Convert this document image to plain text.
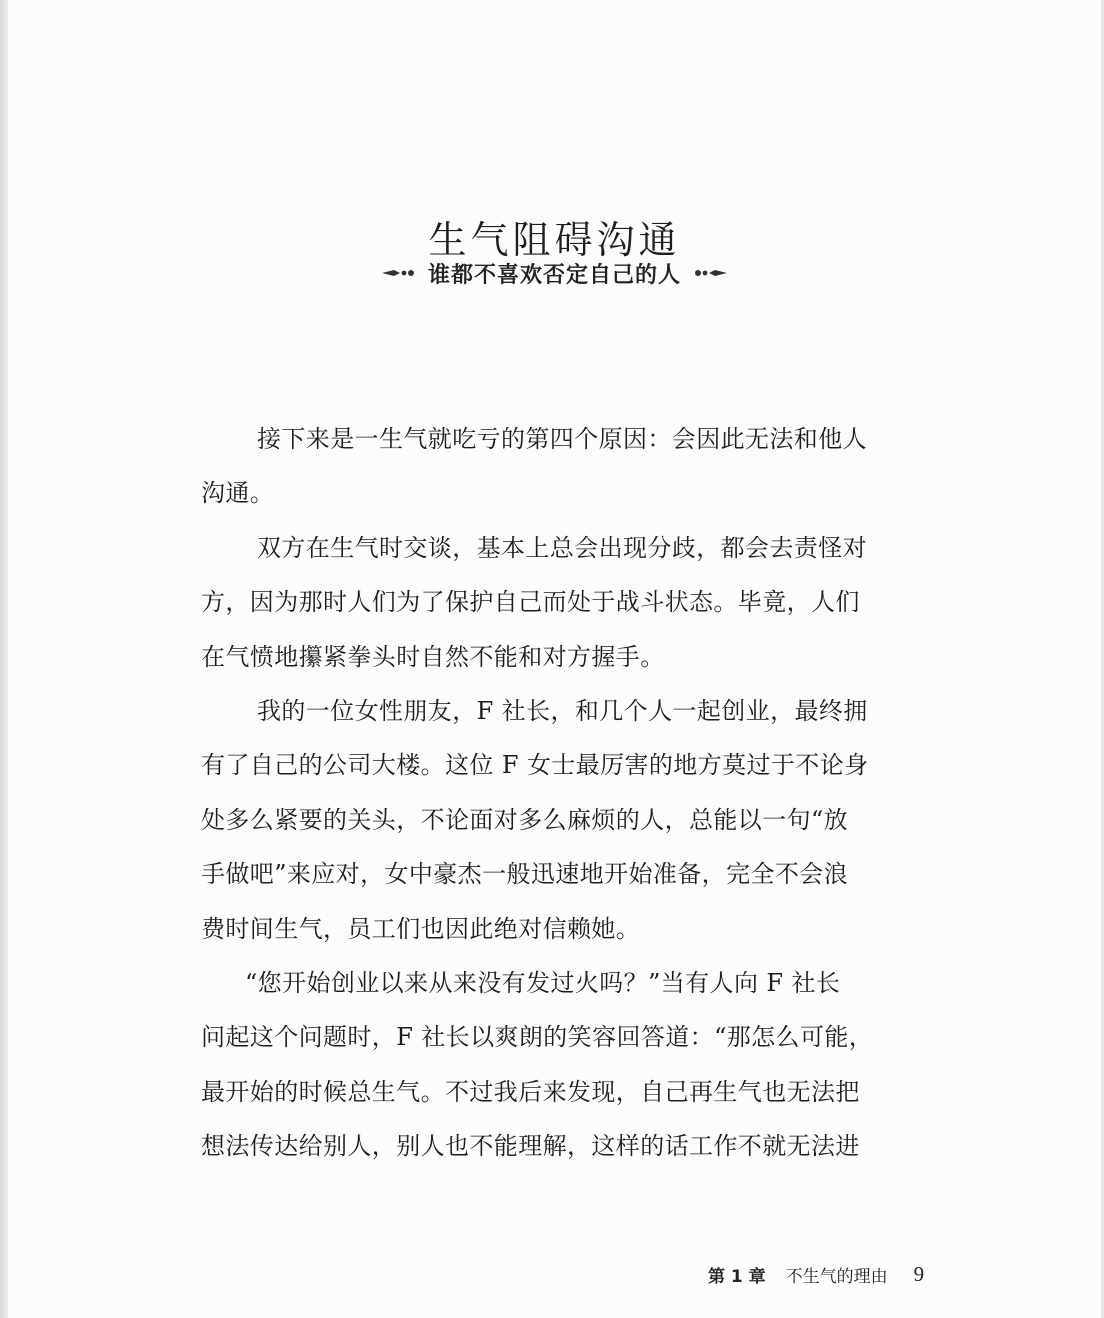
生气阻碍沟通
谁都不喜欢否定自己的人
接下来是一生气就吃亏的第四个原因：会因此无法和他人
沟通。
双方在生气时交谈，基本上总会出现分歧，都会去责怪对
方，因为那时人们为了保护自己而处于战斗状态。毕竟，人们
在气愤地攥紧拳头时自然不能和对方握手。
我的一位女性朋友，F 社长，和几个人一起创业，最终拥
有了自己的公司大楼。这位 F 女士最厉害的地方莫过于不论身
处多么紧要的关头，不论面对多么麻烦的人，总能以一句“放
手做吧”来应对，女中豪杰一般迅速地开始准备，完全不会浪
费时间生气，员工们也因此绝对信赖她。
“您开始创业以来从来没有发过火吗？”当有人向 F 社长
问起这个问题时，F 社长以爽朗的笑容回答道：“那怎么可能，
最开始的时候总生气。不过我后来发现，自己再生气也无法把
想法传达给别人，别人也不能理解，这样的话工作不就无法进
第 1 章 不生气的理由 9
